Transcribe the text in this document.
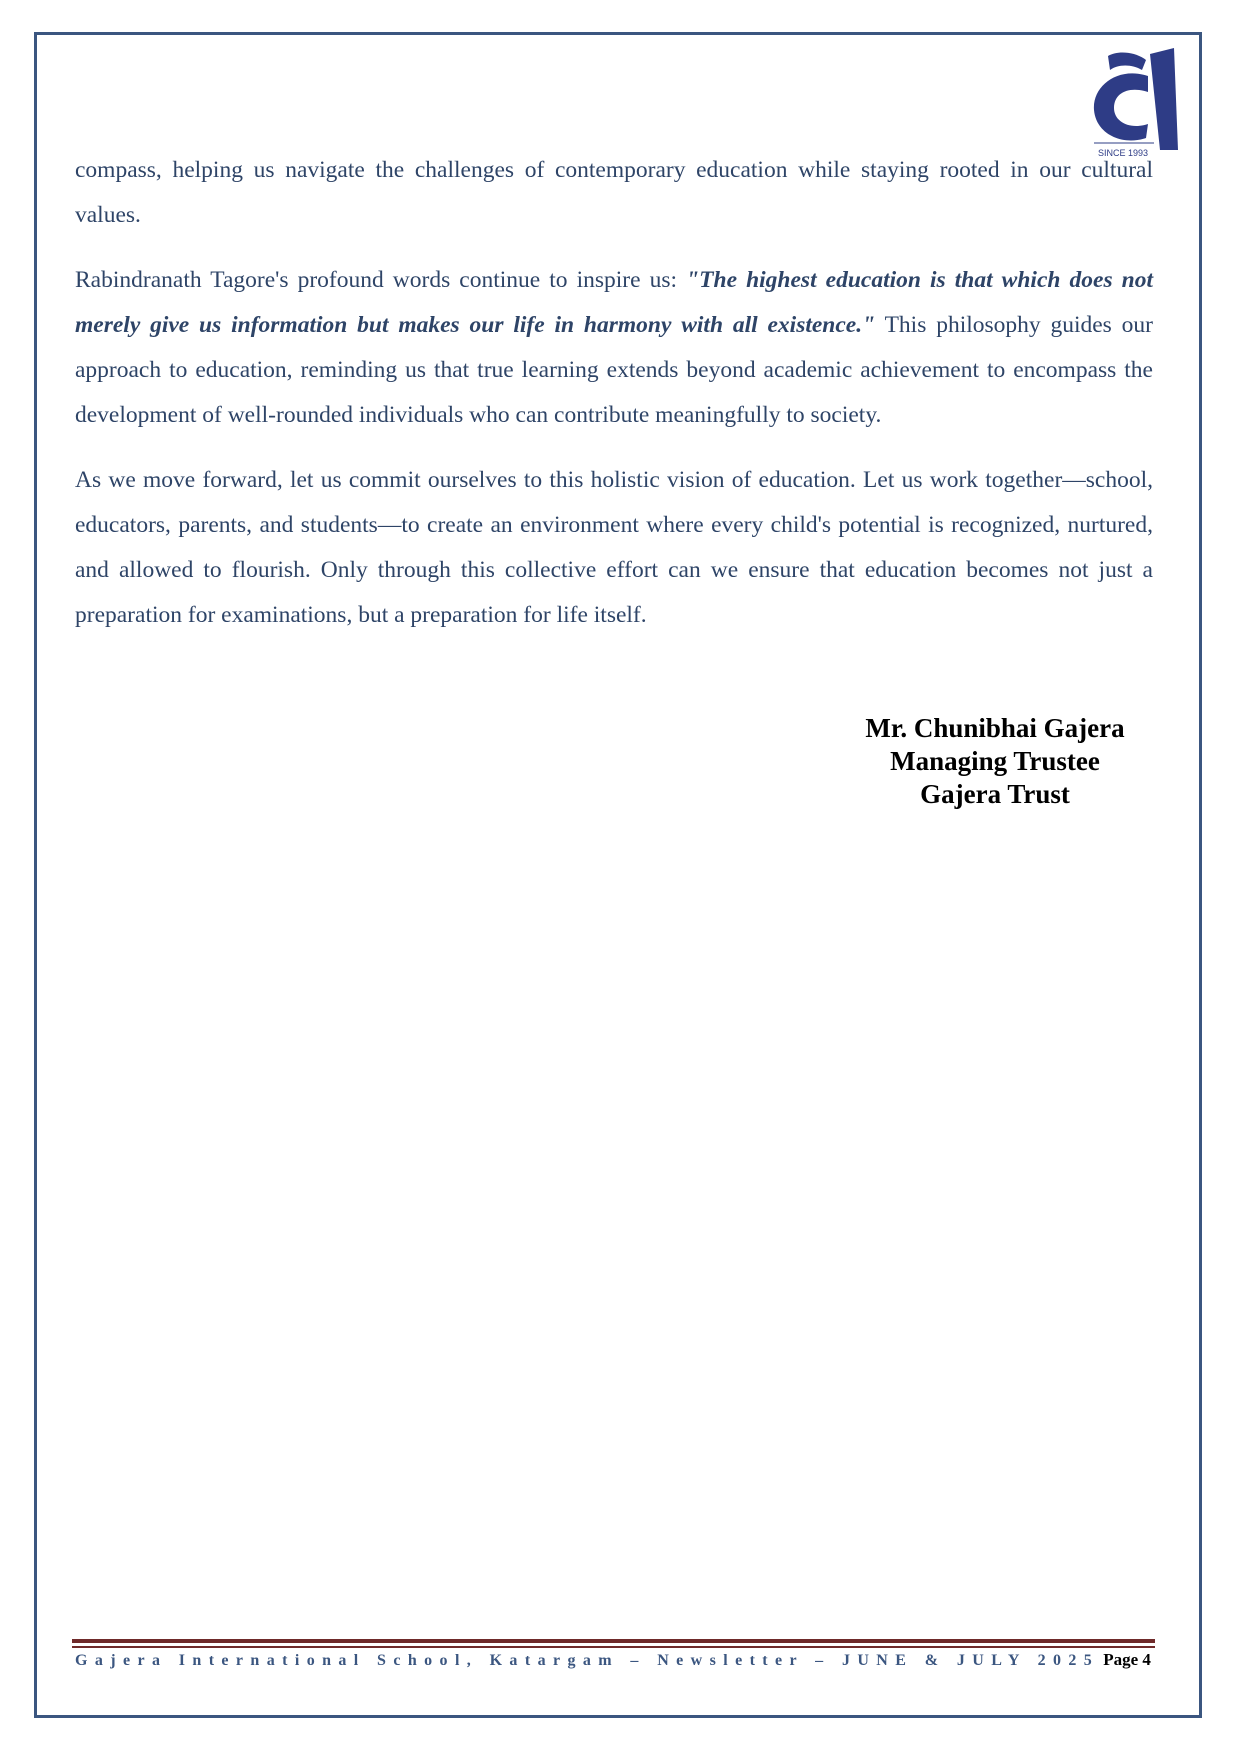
SINCE 1993

compass, helping us navigate the challenges of contemporary education while staying rooted in our cultural values.

Rabindranath Tagore's profound words continue to inspire us: "The highest education is that which does not merely give us information but makes our life in harmony with all existence." This philosophy guides our approach to education, reminding us that true learning extends beyond academic achievement to encompass the development of well-rounded individuals who can contribute meaningfully to society.

As we move forward, let us commit ourselves to this holistic vision of education. Let us work together—school, educators, parents, and students—to create an environment where every child's potential is recognized, nurtured, and allowed to flourish. Only through this collective effort can we ensure that education becomes not just a preparation for examinations, but a preparation for life itself.

Mr. Chunibhai Gajera
Managing Trustee
Gajera Trust
Gajera International School, Katargam – Newsletter – JUNE & JULY 2025 Page 4
